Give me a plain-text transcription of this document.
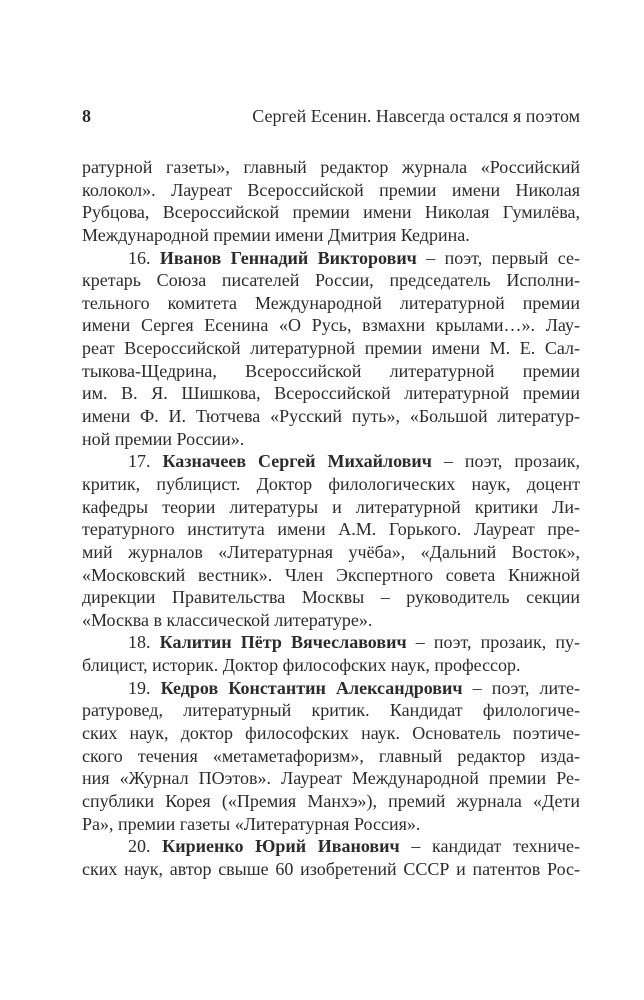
8	Сергей Есенин. Навсегда остался я поэтом
ратурной газеты», главный редактор журнала «Российский
колокол». Лауреат Всероссийской премии имени Николая
Рубцова, Всероссийской премии имени Николая Гумилёва,
Международной премии имени Дмитрия Кедрина.
16. Иванов Геннадий Викторович – поэт, первый се-
кретарь Союза писателей России, председатель Исполни-
тельного комитета Международной литературной премии
имени Сергея Есенина «О Русь, взмахни крылами…». Лау-
реат Всероссийской литературной премии имени М. Е. Сал-
тыкова-Щедрина, Всероссийской литературной премии
им. В. Я. Шишкова, Всероссийской литературной премии
имени Ф. И. Тютчева «Русский путь», «Большой литератур-
ной премии России».
17. Казначеев Сергей Михайлович – поэт, прозаик,
критик, публицист. Доктор филологических наук, доцент
кафедры теории литературы и литературной критики Ли-
тературного института имени А.М. Горького. Лауреат пре-
мий журналов «Литературная учёба», «Дальний Восток»,
«Московский вестник». Член Экспертного совета Книжной
дирекции Правительства Москвы – руководитель секции
«Москва в классической литературе».
18. Калитин Пётр Вячеславович – поэт, прозаик, пу-
блицист, историк. Доктор философских наук, профессор.
19. Кедров Константин Александрович – поэт, лите-
ратуровед, литературный критик. Кандидат филологиче-
ских наук, доктор философских наук. Основатель поэтиче-
ского течения «метаметафоризм», главный редактор изда-
ния «Журнал ПОэтов». Лауреат Международной премии Ре-
спублики Корея («Премия Манхэ»), премий журнала «Дети
Ра», премии газеты «Литературная Россия».
20. Кириенко Юрий Иванович – кандидат техниче-
ских наук, автор свыше 60 изобретений СССР и патентов Рос-
